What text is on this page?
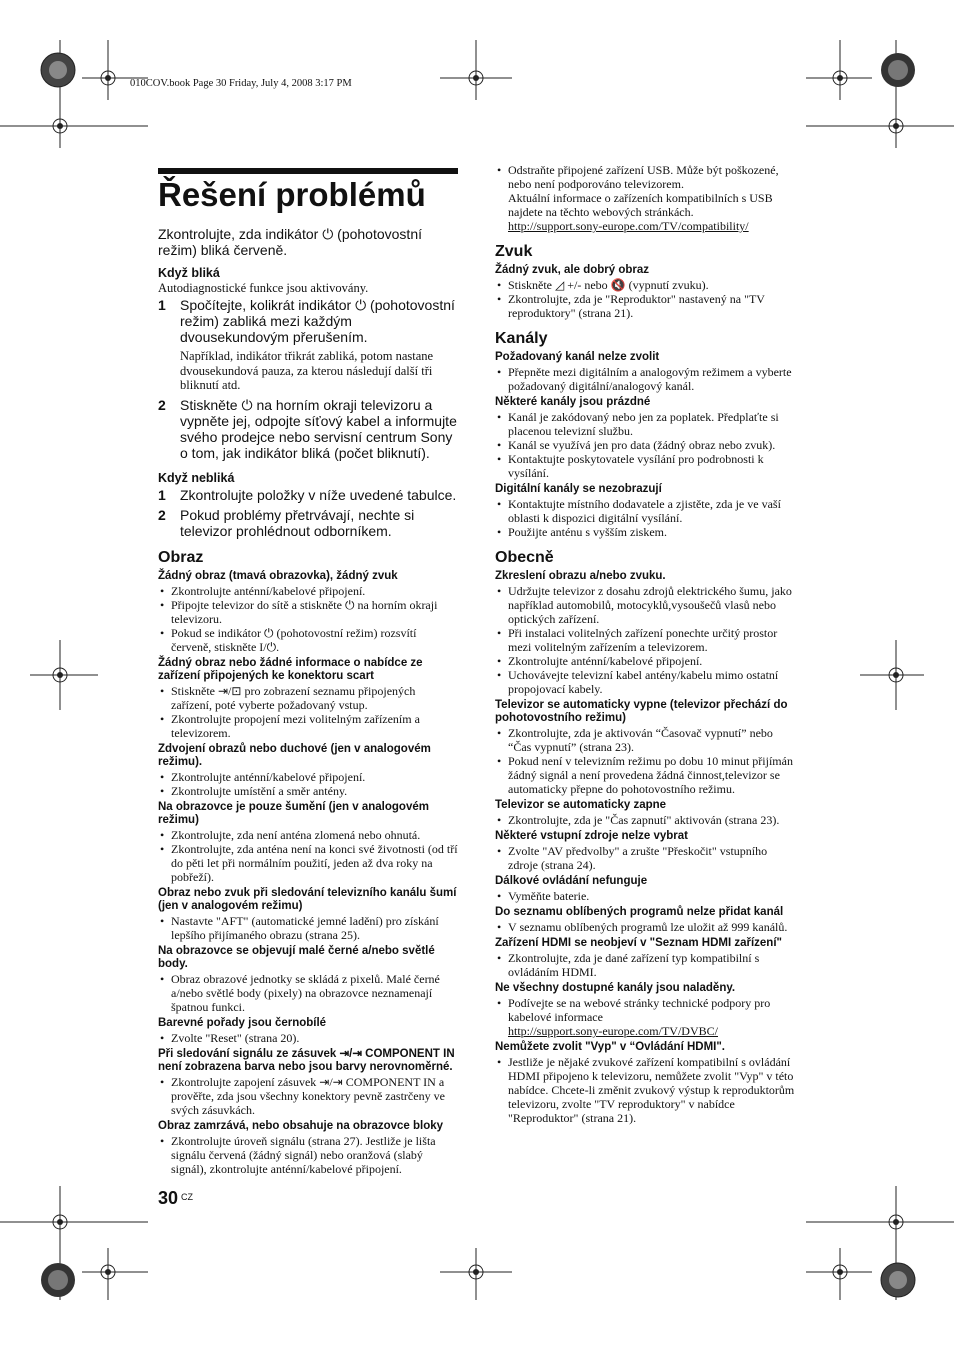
010COV.book Page 30 Friday, July 4, 2008 3:17 PM
Řešení problémů

Zkontrolujte, zda indikátor ⏻ (pohotovostní režim) bliká červeně.

Když bliká

Autodiagnostické funkce jsou aktivovány.

1	Spočítejte, kolikrát indikátor ⏻ (pohotovostní režim) zabliká mezi každým dvousekundovým přerušením.

Například, indikátor třikrát zabliká, potom nastane dvousekundová pauza, za kterou následují další tři bliknutí atd.

2	Stiskněte ⏻ na horním okraji televizoru a vypněte jej, odpojte síťový kabel a informujte svého prodejce nebo servisní centrum Sony o tom, jak indikátor bliká (počet bliknutí).
Když nebliká
1	Zkontrolujte položky v níže uvedené tabulce.
2	Pokud problémy přetrvávají, nechte si televizor prohlédnout odborníkem.
Obraz
Žádný obraz (tmavá obrazovka), žádný zvuk
• Zkontrolujte anténní/kabelové připojení.
• Připojte televizor do sítě a stiskněte ⏻ na horním okraji televizoru.
• Pokud se indikátor ⏻ (pohotovostní režim) rozsvítí červeně, stiskněte I/⏻.
Žádný obraz nebo žádné informace o nabídce ze zařízení připojených ke konektoru scart
• Stiskněte ⇥/⊡ pro zobrazení seznamu připojených zařízení, poté vyberte požadovaný vstup.
• Zkontrolujte propojení mezi volitelným zařízením a televizorem.
Zdvojení obrazů nebo duchové (jen v analogovém režimu).
• Zkontrolujte anténní/kabelové připojení.
• Zkontrolujte umístění a směr antény.
Na obrazovce je pouze šumění (jen v analogovém režimu)
• Zkontrolujte, zda není anténa zlomená nebo ohnutá.
• Zkontrolujte, zda anténa není na konci své životnosti (od tří do pěti let při normálním použití, jeden až dva roky na pobřeží).
Obraz nebo zvuk při sledování televizního kanálu šumí (jen v analogovém režimu)
• Nastavte "AFT" (automatické jemné ladění) pro získání lepšího přijímaného obrazu (strana 25).
Na obrazovce se objevují malé černé a/nebo světlé body.
• Obraz obrazové jednotky se skládá z pixelů. Malé černé a/nebo světlé body (pixely) na obrazovce neznamenají špatnou funkci.
Barevné pořady jsou černobílé
• Zvolte "Reset" (strana 20).
Při sledování signálu ze zásuvek ⇥/⇥ COMPONENT IN není zobrazena barva nebo jsou barvy nerovnoměrné.
• Zkontrolujte zapojení zásuvek ⇥/⇥ COMPONENT IN a prověřte, zda jsou všechny konektory pevně zastrčeny ve svých zásuvkách.
Obraz zamrzává, nebo obsahuje na obrazovce bloky
• Zkontrolujte úroveň signálu (strana 27). Jestliže je lišta signálu červená (žádný signál) nebo oranžová (slabý signál), zkontrolujte anténní/kabelové připojení.
• Odstraňte připojené zařízení USB. Může být poškozené, nebo není podporováno televizorem.
Aktuální informace o zařízeních kompatibilních s USB najdete na těchto webových stránkách.
http://support.sony-europe.com/TV/compatibility/
Zvuk
Žádný zvuk, ale dobrý obraz
• Stiskněte ◿ +/- nebo 🔇 (vypnutí zvuku).
• Zkontrolujte, zda je "Reproduktor" nastavený na "TV reproduktory" (strana 21).
Kanály
Požadovaný kanál nelze zvolit
• Přepněte mezi digitálním a analogovým režimem a vyberte požadovaný digitální/analogový kanál.
Některé kanály jsou prázdné
• Kanál je zakódovaný nebo jen za poplatek. Předplaťte si placenou televizní službu.
• Kanál se využívá jen pro data (žádný obraz nebo zvuk).
• Kontaktujte poskytovatele vysílání pro podrobnosti k vysílání.
Digitální kanály se nezobrazují
• Kontaktujte místního dodavatele a zjistěte, zda je ve vaší oblasti k dispozici digitální vysílání.
• Použijte anténu s vyšším ziskem.
Obecně
Zkreslení obrazu a/nebo zvuku.
• Udržujte televizor z dosahu zdrojů elektrického šumu, jako například automobilů, motocyklů,vysoušečů vlasů nebo optických zařízení.
• Při instalaci volitelných zařízení ponechte určitý prostor mezi volitelným zařízením a televizorem.
• Zkontrolujte anténní/kabelové připojení.
• Uchovávejte televizní kabel antény/kabelu mimo ostatní propojovací kabely.
Televizor se automaticky vypne (televizor přechází do pohotovostního režimu)
• Zkontrolujte, zda je aktivován “Časovač vypnutí” nebo “Čas vypnutí” (strana 23).
• Pokud není v televizním režimu po dobu 10 minut přijímán žádný signál a není provedena žádná činnost,televizor se automaticky přepne do pohotovostního režimu.
Televizor se automaticky zapne
• Zkontrolujte, zda je "Čas zapnutí" aktivován (strana 23).
Některé vstupní zdroje nelze vybrat
• Zvolte "AV předvolby" a zrušte "Přeskočit" vstupního zdroje (strana 24).
Dálkové ovládání nefunguje
• Vyměňte baterie.
Do seznamu oblíbených programů nelze přidat kanál
• V seznamu oblíbených programů lze uložit až 999 kanálů.
Zařízení HDMI se neobjeví v "Seznam HDMI zařízení"
• Zkontrolujte, zda je dané zařízení typ kompatibilní s ovládáním HDMI.
Ne všechny dostupné kanály jsou naladěny.
• Podívejte se na webové stránky technické podpory pro kabelové informace
http://support.sony-europe.com/TV/DVBC/
Nemůžete zvolit "Vyp" v “Ovládání HDMI".
• Jestliže je nějaké zvukové zařízení kompatibilní s ovládání HDMI připojeno k televizoru, nemůžete zvolit "Vyp" v této nabídce. Chcete-li změnit zvukový výstup k reproduktorům televizoru, zvolte "TV reproduktory" v nabídce "Reproduktor" (strana 21).
30 $^{CZ}$
